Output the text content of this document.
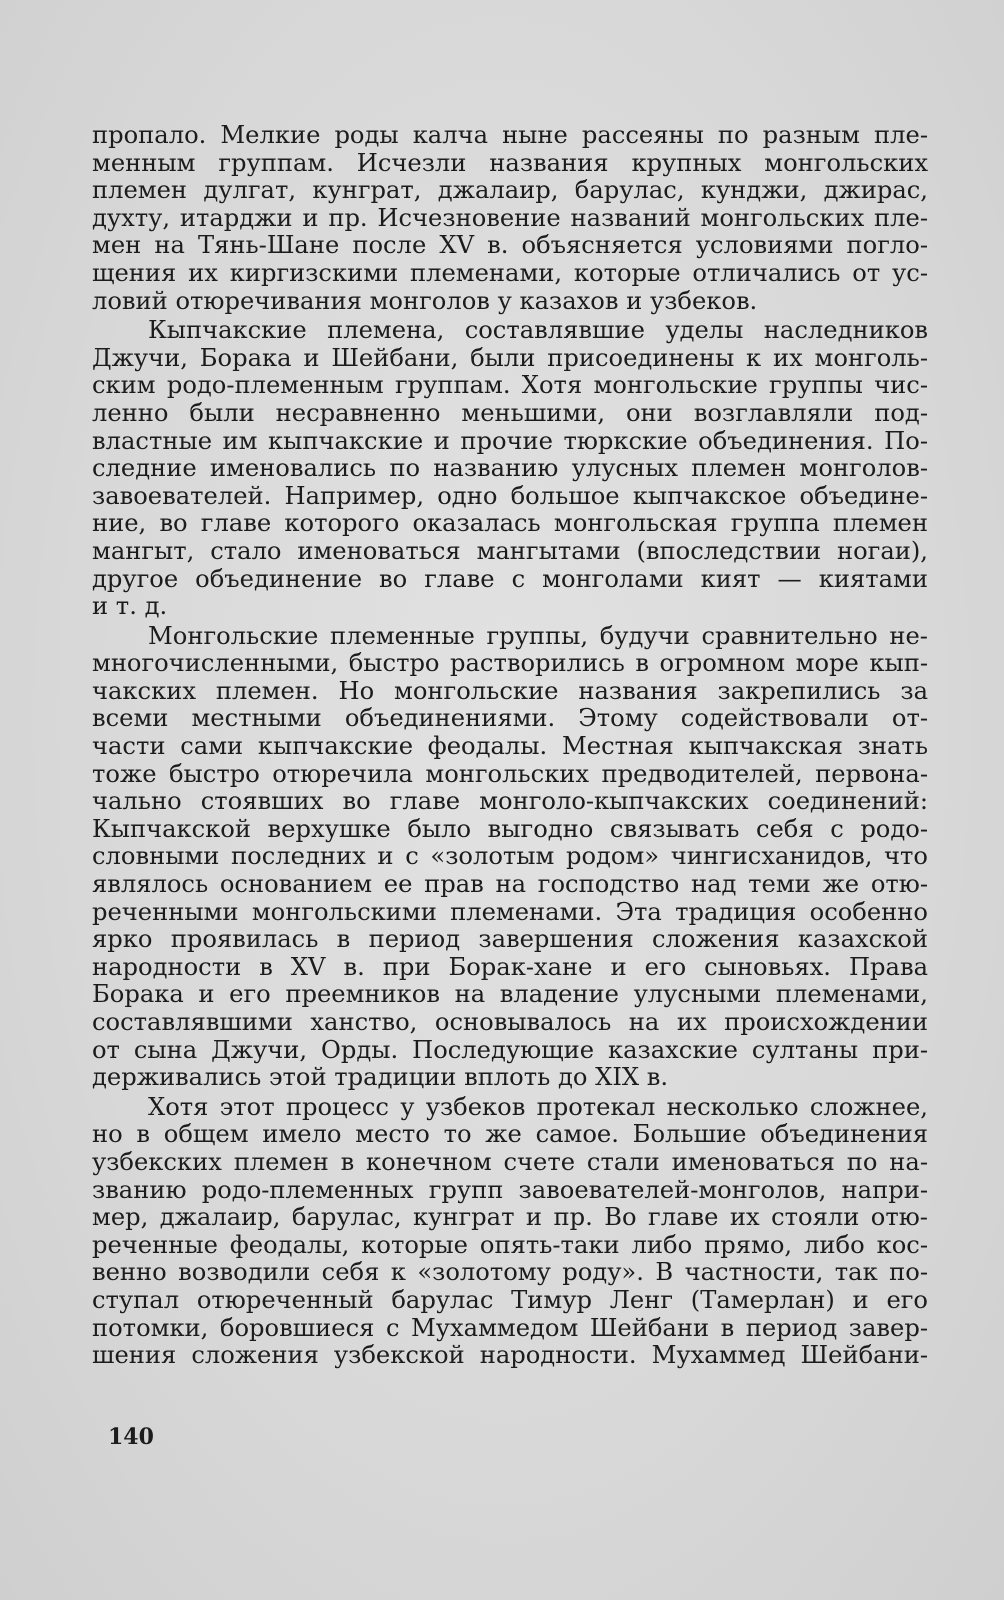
пропало. Мелкие роды калча ныне рассеяны по разным пле-
менным группам. Исчезли названия крупных монгольских
племен дулгат, кунграт, джалаир, барулас, кунджи, джирас,
духту, итарджи и пр. Исчезновение названий монгольских пле-
мен на Тянь-Шане после XV в. объясняется условиями погло-
щения их киргизскими племенами, которые отличались от ус-
ловий отюречивания монголов у казахов и узбеков.
Кыпчакские племена, составлявшие уделы наследников
Джучи, Борака и Шейбани, были присоединены к их монголь-
ским родо-племенным группам. Хотя монгольские группы чис-
ленно были несравненно меньшими, они возглавляли под-
властные им кыпчакские и прочие тюркские объединения. По-
следние именовались по названию улусных племен монголов-
завоевателей. Например, одно большое кыпчакское объедине-
ние, во главе которого оказалась монгольская группа племен
мангыт, стало именоваться мангытами (впоследствии ногаи),
другое объединение во главе с монголами кият — киятами
и т. д.
Монгольские племенные группы, будучи сравнительно не-
многочисленными, быстро растворились в огромном море кып-
чакских племен. Но монгольские названия закрепились за
всеми местными объединениями. Этому содействовали от-
части сами кыпчакские феодалы. Местная кыпчакская знать
тоже быстро отюречила монгольских предводителей, первона-
чально стоявших во главе монголо-кыпчакских соединений:
Кыпчакской верхушке было выгодно связывать себя с родо-
словными последних и с «золотым родом» чингисханидов, что
являлось основанием ее прав на господство над теми же отю-
реченными монгольскими племенами. Эта традиция особенно
ярко проявилась в период завершения сложения казахской
народности в XV в. при Борак-хане и его сыновьях. Права
Борака и его преемников на владение улусными племенами,
составлявшими ханство, основывалось на их происхождении
от сына Джучи, Орды. Последующие казахские султаны при-
держивались этой традиции вплоть до XIX в.
Хотя этот процесс у узбеков протекал несколько сложнее,
но в общем имело место то же самое. Большие объединения
узбекских племен в конечном счете стали именоваться по на-
званию родо-племенных групп завоевателей-монголов, напри-
мер, джалаир, барулас, кунграт и пр. Во главе их стояли отю-
реченные феодалы, которые опять-таки либо прямо, либо кос-
венно возводили себя к «золотому роду». В частности, так по-
ступал отюреченный барулас Тимур Ленг (Тамерлан) и его
потомки, боровшиеся с Мухаммедом Шейбани в период завер-
шения сложения узбекской народности. Мухаммед Шейбани-
140
